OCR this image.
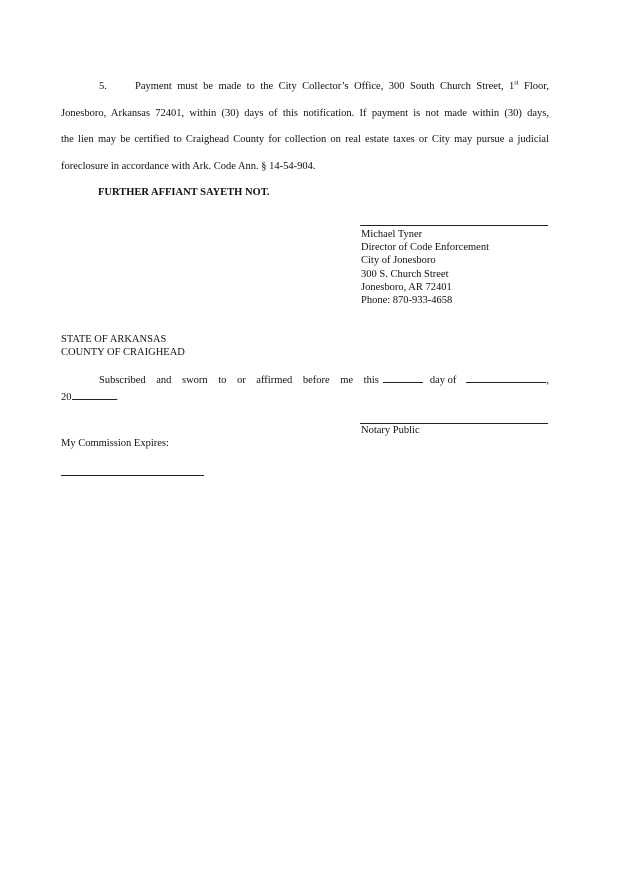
5.	Payment must be made to the City Collector’s Office, 300 South Church Street, 1st Floor,
Jonesboro, Arkansas 72401, within (30) days of this notification. If payment is not made within (30) days,
the lien may be certified to Craighead County for collection on real estate taxes or City may pursue a judicial
foreclosure in accordance with Ark. Code Ann. § 14-54-904.
FURTHER AFFIANT SAYETH NOT.
Michael Tyner
Director of Code Enforcement
City of Jonesboro
300 S. Church Street
Jonesboro, AR 72401
Phone: 870-933-4658
STATE OF ARKANSAS
COUNTY OF CRAIGHEAD
Subscribed and sworn to or affirmed before me this	day of	,
20	.
Notary Public
My Commission Expires:
